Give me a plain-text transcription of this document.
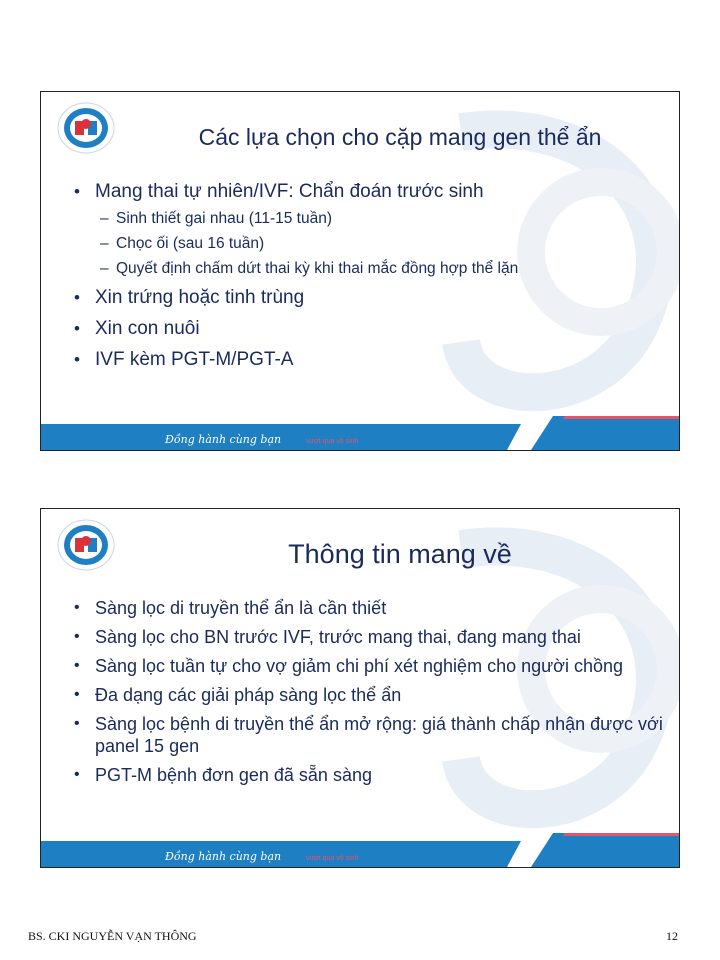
Các lựa chọn cho cặp mang gen thể ẩn
• Mang thai tự nhiên/IVF: Chẩn đoán trước sinh
– Sinh thiết gai nhau (11-15 tuần)
– Chọc ối (sau 16 tuần)
– Quyết định chấm dứt thai kỳ khi thai mắc đồng hợp thể lặn
• Xin trứng hoặc tinh trùng
• Xin con nuôi
• IVF kèm PGT-M/PGT-A
Đồng hành cùng bạn	vượt qua vô sinh
Thông tin mang về
• Sàng lọc di truyền thể ẩn là cần thiết
• Sàng lọc cho BN trước IVF, trước mang thai, đang mang thai
• Sàng lọc tuần tự cho vợ giảm chi phí xét nghiệm cho người chồng
• Đa dạng các giải pháp sàng lọc thể ẩn
• Sàng lọc bệnh di truyền thể ẩn mở rộng: giá thành chấp nhận được với panel 15 gen
• PGT-M bệnh đơn gen đã sẵn sàng
Đồng hành cùng bạn	vượt qua vô sinh
BS. CKI NGUYỄN VẠN THÔNG	12
